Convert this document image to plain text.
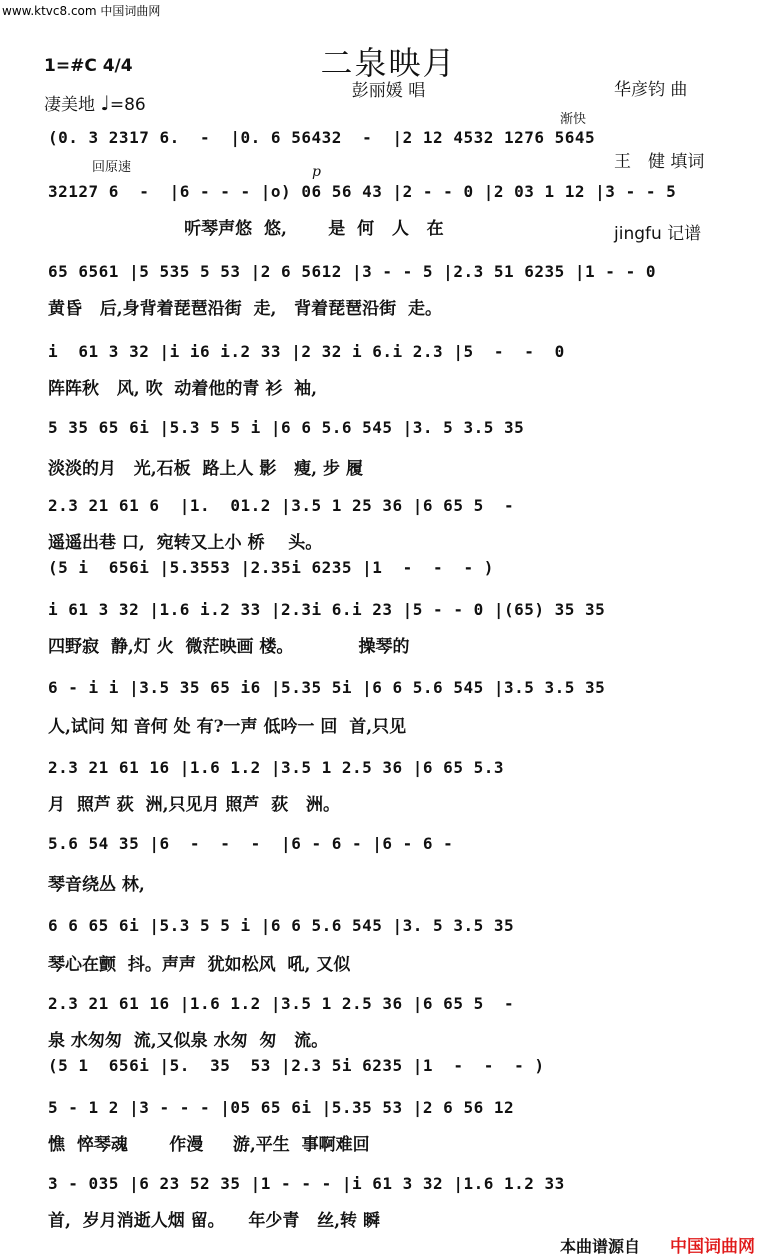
www.ktvc8.com 中国词曲网
二泉映月
彭丽媛 唱

	华彦钧 曲

王　健 填词

jingfu 记谱

1=#C 4/4
凄美地 ♩=86
渐快
回原速	p
(0. 3 2317 6.  -  |0. 6 56432  -  |2 12 4532 1276 5645
32127 6  -  |6 - - - |o) 06 56 43 |2 - - 0 |2 03 1 12 |3 - - 5
听琴声悠  悠,       是  何   人   在
65 6561 |5 535 5 53 |2 6 5612 |3 - - 5 |2.3 51 6235 |1 - - 0
黄昏   后,身背着琵琶沿街  走,   背着琵琶沿街  走。
i  61 3 32 |i i6 i.2 33 |2 32 i 6.i 2.3 |5  -  -  0
阵阵秋   风, 吹  动着他的青 衫  袖,
5 35 65 6i |5.3 5 5 i |6 6 5.6 545 |3. 5 3.5 35
淡淡的月   光,石板  路上人 影   瘦, 步 履
2.3 21 61 6  |1.  01.2 |3.5 1 25 36 |6 65 5  -
遥遥出巷 口,  宛转又上小 桥    头。
(5 i  656i |5.3553 |2.35i 6235 |1  -  -  - )
i 61 3 32 |1.6 i.2 33 |2.3i 6.i 23 |5 - - 0 |(65) 35 35
四野寂  静,灯 火  微茫映画 楼。           操琴的
6 - i i |3.5 35 65 i6 |5.35 5i |6 6 5.6 545 |3.5 3.5 35
人,试问 知 音何 处 有?一声 低吟一 回  首,只见
2.3 21 61 16 |1.6 1.2 |3.5 1 2.5 36 |6 65 5.3
月  照芦 荻  洲,只见月 照芦  荻   洲。
5.6 54 35 |6  -  -  -  |6 - 6 - |6 - 6 -
琴音绕丛 林,
6 6 65 6i |5.3 5 5 i |6 6 5.6 545 |3. 5 3.5 35
琴心在颤  抖。声声  犹如松风  吼, 又似
2.3 21 61 16 |1.6 1.2 |3.5 1 2.5 36 |6 65 5  -
泉 水匆匆  流,又似泉 水匆  匆   流。
(5 1  656i |5.  35  53 |2.3 5i 6235 |1  -  -  - )
5 - 1 2 |3 - - - |05 65 6i |5.35 53 |2 6 56 12
憔  悴琴魂       作漫     游,平生  事啊难回
3 - 035 |6 23 52 35 |1 - - - |i 61 3 32 |1.6 1.2 33
首,  岁月消逝人烟 留。    年少青   丝,转 瞬
本曲谱源自 中国词曲网
